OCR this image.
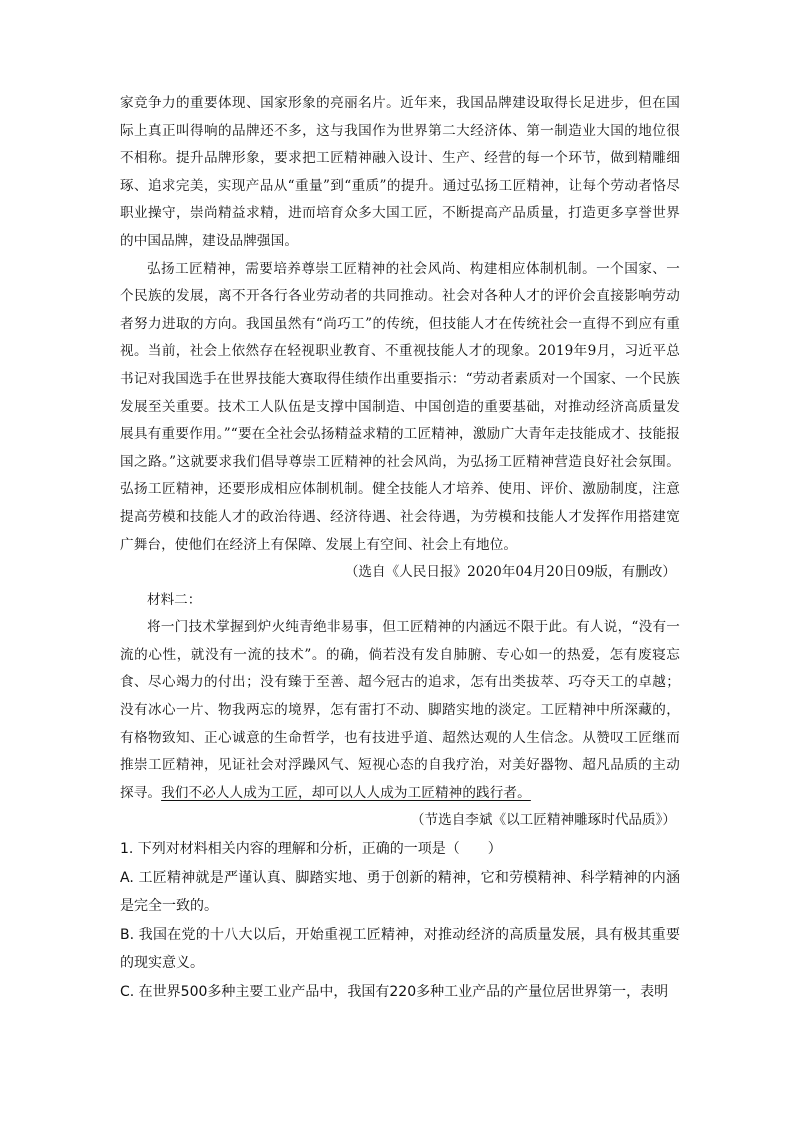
家竞争力的重要体现、国家形象的亮丽名片。近年来，我国品牌建设取得长足进步，但在国际上真正叫得响的品牌还不多，这与我国作为世界第二大经济体、第一制造业大国的地位很不相称。提升品牌形象，要求把工匠精神融入设计、生产、经营的每一个环节，做到精雕细琢、追求完美，实现产品从“重量”到“重质”的提升。通过弘扬工匠精神，让每个劳动者恪尽职业操守，崇尚精益求精，进而培育众多大国工匠，不断提高产品质量，打造更多享誉世界的中国品牌，建设品牌强国。

弘扬工匠精神，需要培养尊崇工匠精神的社会风尚、构建相应体制机制。一个国家、一个民族的发展，离不开各行各业劳动者的共同推动。社会对各种人才的评价会直接影响劳动者努力进取的方向。我国虽然有“尚巧工”的传统，但技能人才在传统社会一直得不到应有重视。当前，社会上依然存在轻视职业教育、不重视技能人才的现象。2019年9月，习近平总书记对我国选手在世界技能大赛取得佳绩作出重要指示：“劳动者素质对一个国家、一个民族发展至关重要。技术工人队伍是支撑中国制造、中国创造的重要基础，对推动经济高质量发展具有重要作用。”“要在全社会弘扬精益求精的工匠精神，激励广大青年走技能成才、技能报国之路。”这就要求我们倡导尊崇工匠精神的社会风尚，为弘扬工匠精神营造良好社会氛围。弘扬工匠精神，还要形成相应体制机制。健全技能人才培养、使用、评价、激励制度，注意提高劳模和技能人才的政治待遇、经济待遇、社会待遇，为劳模和技能人才发挥作用搭建宽广舞台，使他们在经济上有保障、发展上有空间、社会上有地位。

（选自《人民日报》2020年04月20日09版，有删改）

材料二：

将一门技术掌握到炉火纯青绝非易事，但工匠精神的内涵远不限于此。有人说，“没有一流的心性，就没有一流的技术”。的确，倘若没有发自肺腑、专心如一的热爱，怎有废寝忘食、尽心竭力的付出；没有臻于至善、超今冠古的追求，怎有出类拔萃、巧夺天工的卓越；没有冰心一片、物我两忘的境界，怎有雷打不动、脚踏实地的淡定。工匠精神中所深藏的，有格物致知、正心诚意的生命哲学，也有技进乎道、超然达观的人生信念。从赞叹工匠继而推崇工匠精神，见证社会对浮躁风气、短视心态的自我疗治，对美好器物、超凡品质的主动探寻。我们不必人人成为工匠，却可以人人成为工匠精神的践行者。

（节选自李斌《以工匠精神雕琢时代品质》）

1. 下列对材料相关内容的理解和分析，正确的一项是（　　）

A. 工匠精神就是严谨认真、脚踏实地、勇于创新的精神，它和劳模精神、科学精神的内涵是完全一致的。

B. 我国在党的十八大以后，开始重视工匠精神，对推动经济的高质量发展，具有极其重要的现实意义。

C. 在世界500多种主要工业产品中，我国有220多种工业产品的产量位居世界第一，表明
